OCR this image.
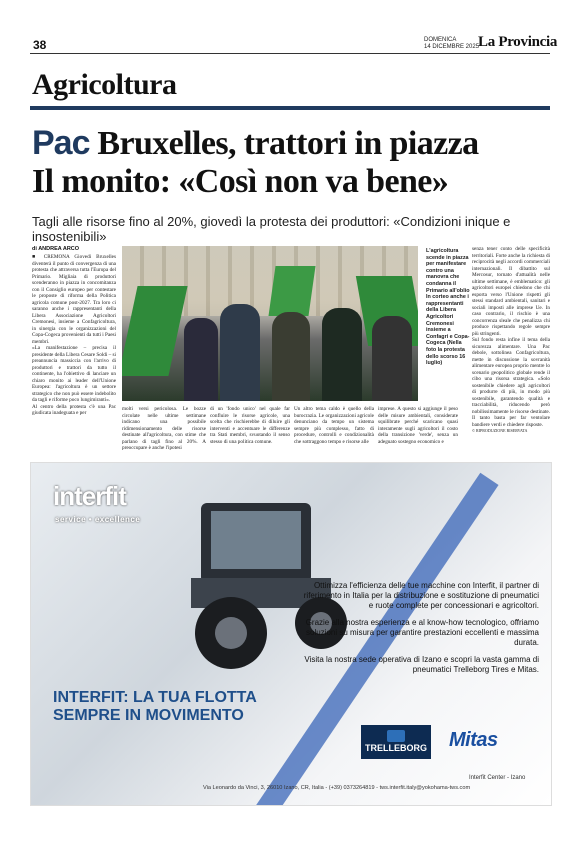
38	DOMENICA
14 DICEMBRE 2025
La Provincia
Agricoltura
Pac Bruxelles, trattori in piazza
Il monito: «Così non va bene»
Tagli alle risorse fino al 20%, giovedì la protesta dei produttori: «Condizioni inique e insostenibili»
di ANDREA ARCO

■ CREMONA Giovedì Bruxelles diventerà il punto di convergenza di una protesta che attraversa tutta l'Europa del Primario. Migliaia di produttori scenderanno in piazza in concomitanza con il Consiglio europeo per contestare le proposte di riforma della Politica agricola comune post-2027. Tra loro ci saranno anche i rappresentanti della Libera Associazione Agricoltori Cremonesi, insieme a Confagricoltura, in sinergia con le organizzazioni del Copa-Cogeca provenienti da tutti i Paesi membri.

«La manifestazione – precisa il presidente della Libera Cesare Soldi – si preannuncia massiccia con l'arrivo di produttori e trattori da tutto il continente, ha l'obiettivo di lanciare un chiaro monito ai leader dell'Unione Europea: l'agricoltura è un settore strategico che non può essere indebolito da tagli e riforme poco lungimiranti».

Al centro della protesta c'è una Pac giudicata inadeguata e per

L'agricoltura scende in piazza per manifestare contro una manovra che condanna il Primario all'oblio In corteo anche i rappresentanti della Libera Agricoltori Cremonesi insieme a Confagri e Copa-Cogeca (Nella foto la protesta dello scorso 16 luglio)

molti versi pericolosa. Le bozze circolate nelle ultime settimane indicano una possibile ridimensionamento delle risorse destinate all'agricoltura, con stime che parlano di tagli fino al 20%. A preoccupare è anche l'ipotesi

di un 'fondo unico' nel quale far confluire le risorse agricole, una scelta che rischierebbe di diluire gli interventi e accentuare le differenze tra Stati membri, svuotando il senso stesso di una politica comune.

Un altro tema caldo è quello della burocrazia. Le organizzazioni agricole denunciano da tempo un sistema sempre più complesso, fatto di procedure, controlli e condizionalità che sottraggono tempo e risorse alle

imprese. A questo si aggiunge il peso delle misure ambientali, considerate squilibrate perché scaricano quasi interamente sugli agricoltori il costo della transizione 'verde', senza un adeguato sostegno economico e

senza tener conto delle specificità territoriali. Forte anche la richiesta di reciprocità negli accordi commerciali internazionali. Il dibattito sul Mercosur, tornato d'attualità nelle ultime settimane, è emblematico: gli agricoltori europei chiedono che chi esporta verso l'Unione rispetti gli stessi standard ambientali, sanitari e sociali imposti alle imprese Ue. In caso contrario, il rischio è una concorrenza sleale che penalizza chi produce rispettando regole sempre più stringenti.

Sul fondo resta infine il tema della sicurezza alimentare. Una Pac debole, sottolinea Confagricoltura, mette in discussione la sovranità alimentare europea proprio mentre lo scenario geopolitico globale rende il cibo una risorsa strategica. «Solo sostenibile chiedere agli agricoltori di produrre di più, in modo più sostenibile, garantendo qualità e tracciabilità, riducendo però nobilissimamente le risorse destinate. Il tanto basta per far ventolare bandiere verdi e chiedere risposte.

© RIPRODUZIONE RISERVATA

interfit
service • excellence

Ottimizza l'efficienza delle tue macchine con Interfit, il partner di riferimento in Italia per la distribuzione e sostituzione di pneumatici e ruote complete per concessionari e agricoltori.

Grazie alla nostra esperienza e al know-how tecnologico, offriamo soluzioni su misura per garantire prestazioni eccellenti e massima durata.

Visita la nostra sede operativa di Izano e scopri la vasta gamma di pneumatici Trelleborg Tires e Mitas.

INTERFIT: LA TUA FLOTTA SEMPRE IN MOVIMENTO
TRELLEBORG Mitas
Interfit Center - Izano
Via Leonardo da Vinci, 3, 26010 Izano, CR, Italia - (+39) 0373264819 - tws.interfit.italy@yokohama-tws.com
